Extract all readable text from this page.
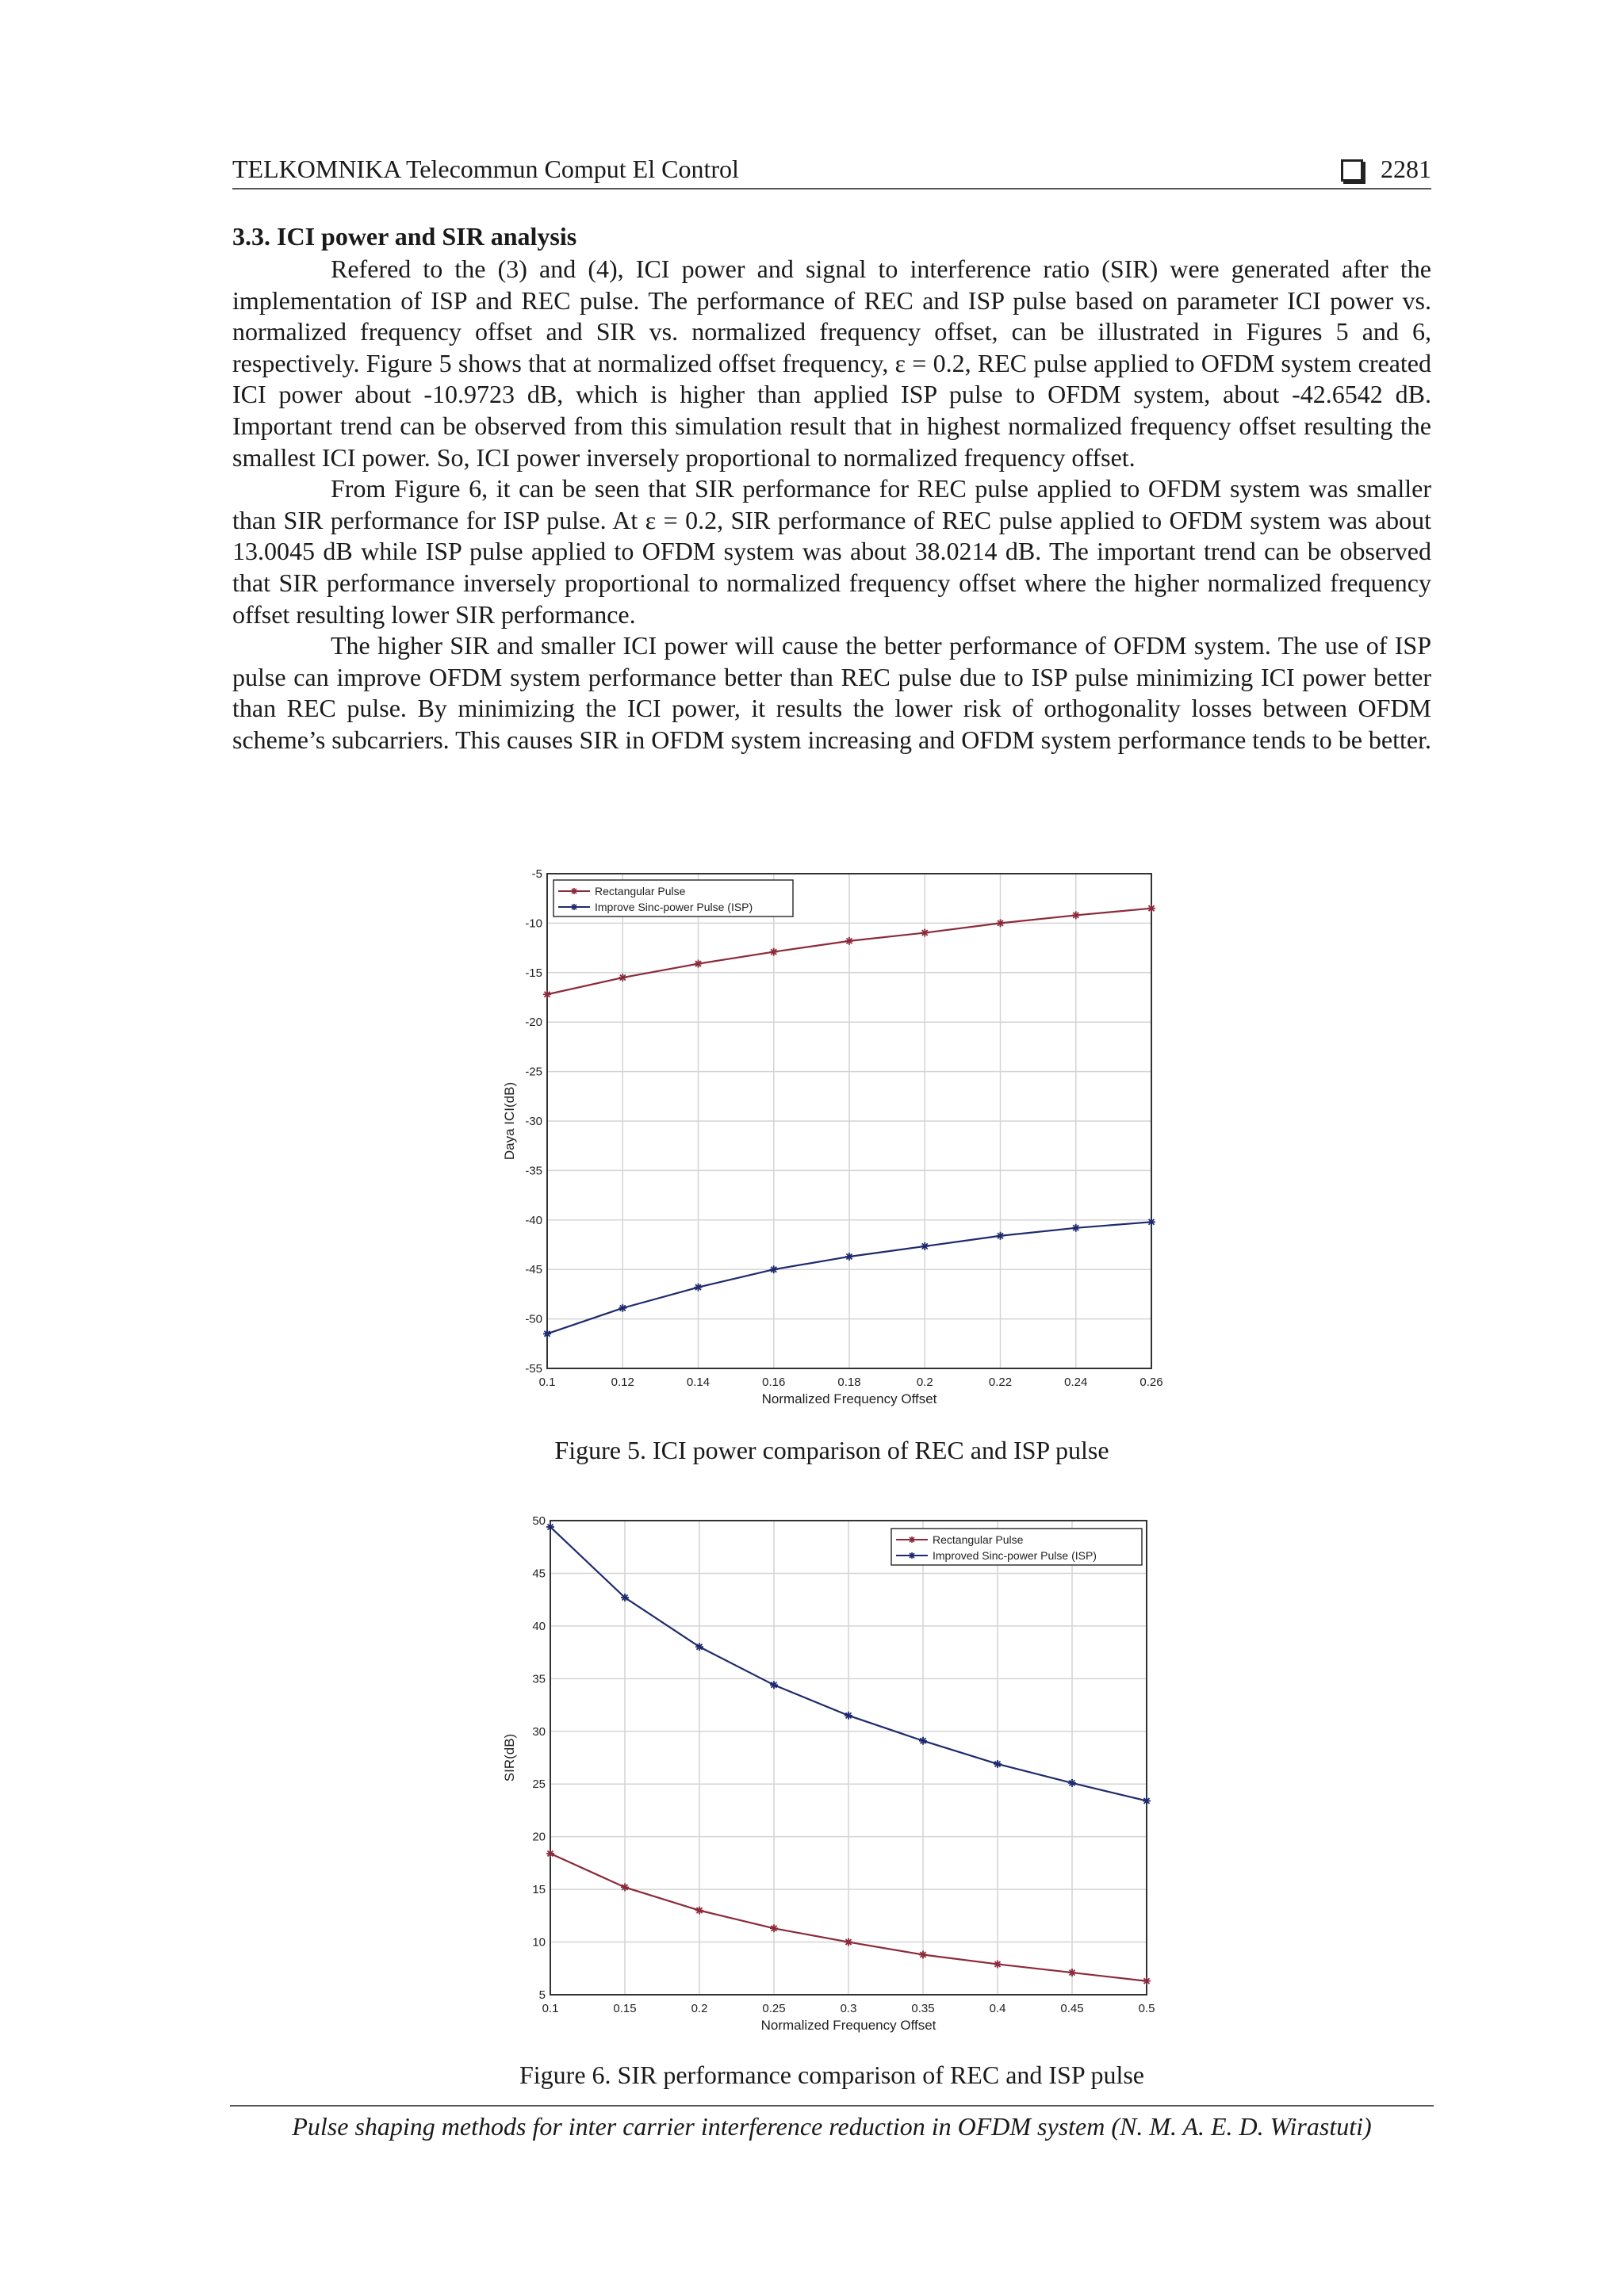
TELKOMNIKA Telecommun Comput El Control	2281
3.3. ICI power and SIR analysis

Refered to the (3) and (4), ICI power and signal to interference ratio (SIR) were generated after the implementation of ISP and REC pulse. The performance of REC and ISP pulse based on parameter ICI power vs. normalized frequency offset and SIR vs. normalized frequency offset, can be illustrated in Figures 5 and 6, respectively. Figure 5 shows that at normalized offset frequency, ε = 0.2, REC pulse applied to OFDM system created ICI power about -10.9723 dB, which is higher than applied ISP pulse to OFDM system, about -42.6542 dB. Important trend can be observed from this simulation result that in highest normalized frequency offset resulting the smallest ICI power. So, ICI power inversely proportional to normalized frequency offset.

From Figure 6, it can be seen that SIR performance for REC pulse applied to OFDM system was smaller than SIR performance for ISP pulse. At ε = 0.2, SIR performance of REC pulse applied to OFDM system was about 13.0045 dB while ISP pulse applied to OFDM system was about 38.0214 dB. The important trend can be observed that SIR performance inversely proportional to normalized frequency offset where the higher normalized frequency offset resulting lower SIR performance.

The higher SIR and smaller ICI power will cause the better performance of OFDM system. The use of ISP pulse can improve OFDM system performance better than REC pulse due to ISP pulse minimizing ICI power better than REC pulse. By minimizing the ICI power, it results the lower risk of orthogonality losses between OFDM scheme’s subcarriers. This causes SIR in OFDM system increasing and OFDM system performance tends to be better.

0.1	0.12	0.14	0.16	0.18	0.2	0.22	0.24	0.26
-5
-10
-15
-20
-25
-30
-35
-40
-45
-50
-55
Normalized Frequency Offset
Daya ICI(dB)
Rectangular Pulse
Improve Sinc-power Pulse (ISP)
Figure 5. ICI power comparison of REC and ISP pulse
0.1	0.15	0.2	0.25	0.3	0.35	0.4	0.45	0.5
5
10
15
20
25
30
35
40
45
50
Normalized Frequency Offset
SIR(dB)
Rectangular Pulse
Improved Sinc-power Pulse (ISP)
Figure 6. SIR performance comparison of REC and ISP pulse
Pulse shaping methods for inter carrier interference reduction in OFDM system (N. M. A. E. D. Wirastuti)
